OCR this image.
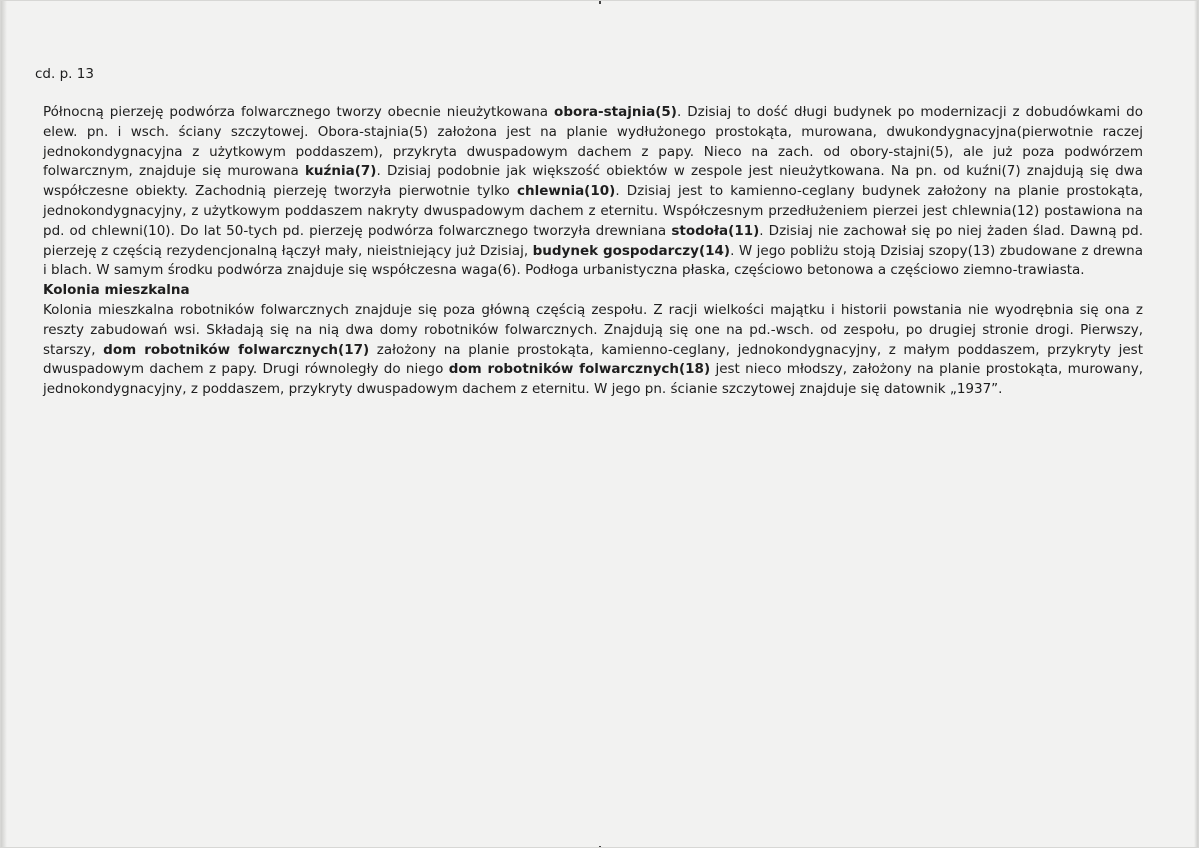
cd. p. 13

Północną pierzeję podwórza folwarcznego tworzy obecnie nieużytkowana obora-stajnia(5). Dzisiaj to dość długi budynek po modernizacji z dobudówkami do elew. pn. i wsch. ściany szczytowej. Obora-stajnia(5) założona jest na planie wydłużonego prostokąta, murowana, dwukondygnacyjna(pierwotnie raczej jednokondygnacyjna z użytkowym poddaszem), przykryta dwuspadowym dachem z papy. Nieco na zach. od obory-stajni(5), ale już poza podwórzem folwarcznym, znajduje się murowana kuźnia(7). Dzisiaj podobnie jak większość obiektów w zespole jest nieużytkowana. Na pn. od kuźni(7) znajdują się dwa współczesne obiekty. Zachodnią pierzeję tworzyła pierwotnie tylko chlewnia(10). Dzisiaj jest to kamienno-ceglany budynek założony na planie prostokąta, jednokondygnacyjny, z użytkowym poddaszem nakryty dwuspadowym dachem z eternitu. Współczesnym przedłużeniem pierzei jest chlewnia(12) postawiona na pd. od chlewni(10). Do lat 50-tych pd. pierzeję podwórza folwarcznego tworzyła drewniana stodoła(11). Dzisiaj nie zachował się po niej żaden ślad. Dawną pd. pierzeję z częścią rezydencjonalną łączył mały, nieistniejący już Dzisiaj, budynek gospodarczy(14). W jego pobliżu stoją Dzisiaj szopy(13) zbudowane z drewna i blach. W samym środku podwórza znajduje się współczesna waga(6). Podłoga urbanistyczna płaska, częściowo betonowa a częściowo ziemno-trawiasta.

Kolonia mieszkalna

Kolonia mieszkalna robotników folwarcznych znajduje się poza główną częścią zespołu. Z racji wielkości majątku i historii powstania nie wyodrębnia się ona z reszty zabudowań wsi. Składają się na nią dwa domy robotników folwarcznych. Znajdują się one na pd.-wsch. od zespołu, po drugiej stronie drogi. Pierwszy, starszy, dom robotników folwarcznych(17) założony na planie prostokąta, kamienno-ceglany, jednokondygnacyjny, z małym poddaszem, przykryty jest dwuspadowym dachem z papy. Drugi równoległy do niego dom robotników folwarcznych(18) jest nieco młodszy, założony na planie prostokąta, murowany, jednokondygnacyjny, z poddaszem, przykryty dwuspadowym dachem z eternitu. W jego pn. ścianie szczytowej znajduje się datownik „1937”.
